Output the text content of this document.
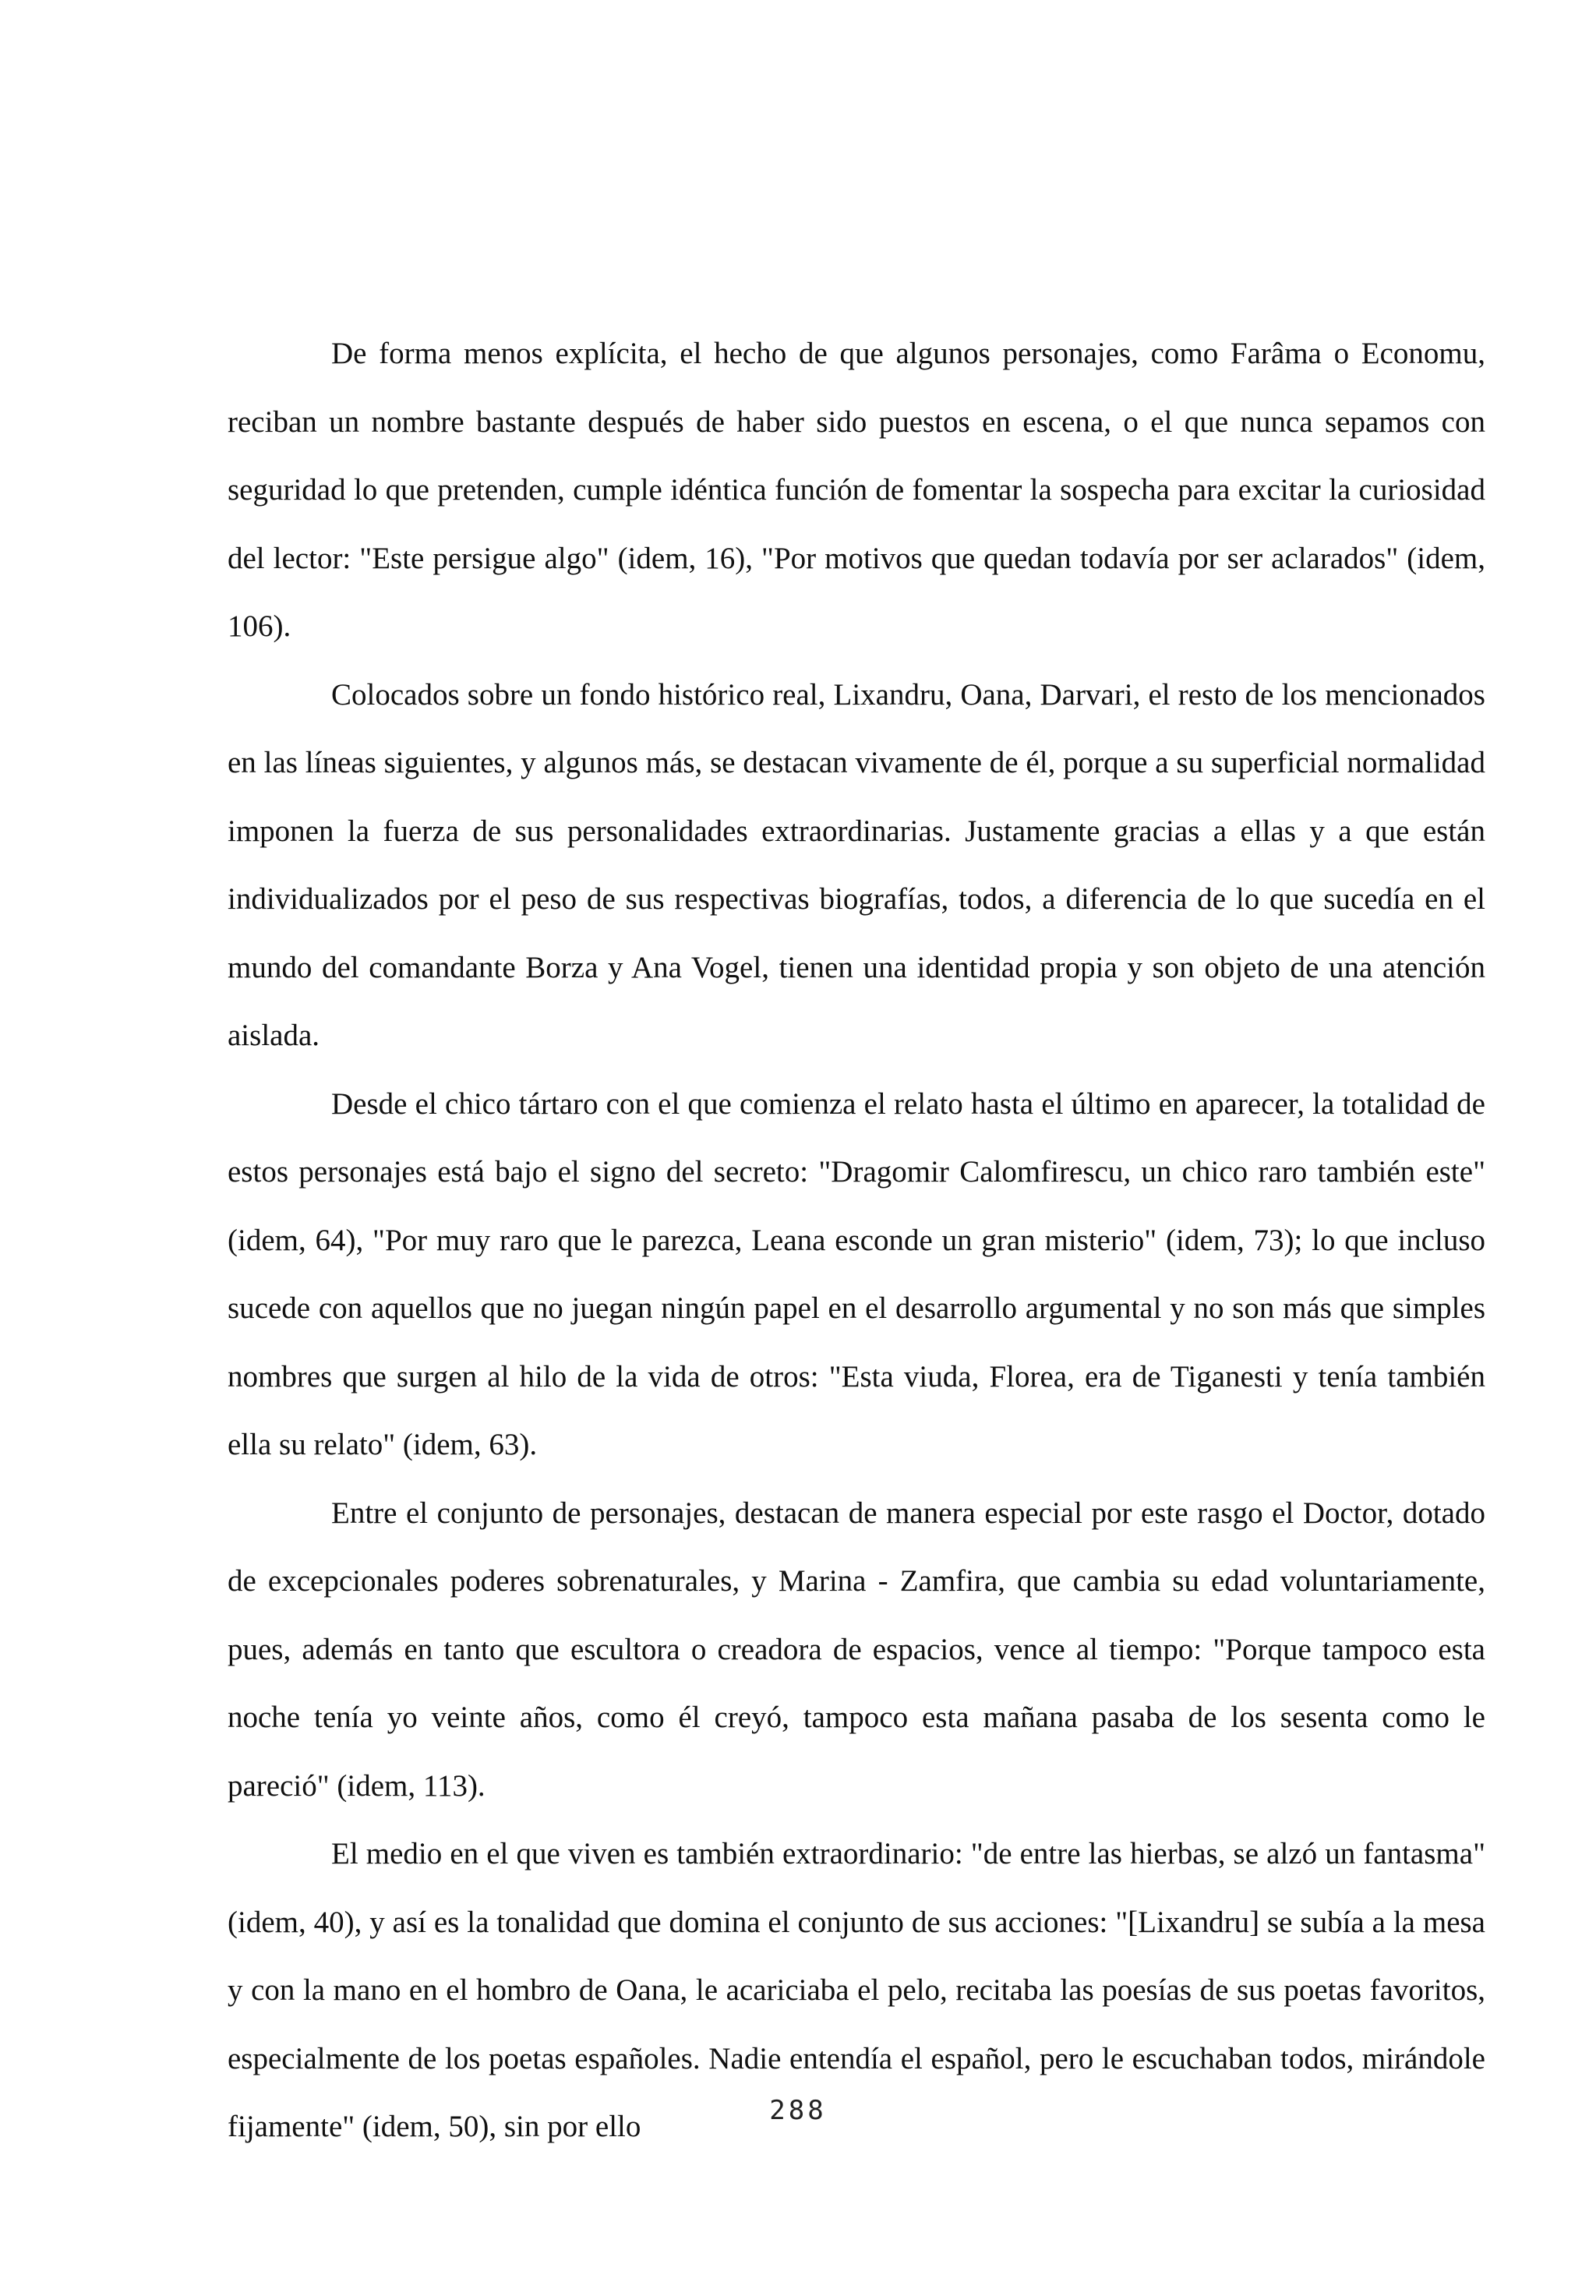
De forma menos explícita, el hecho de que algunos personajes, como Farâma o Economu, reciban un nombre bastante después de haber sido puestos en escena, o el que nunca sepamos con seguridad lo que pretenden, cumple idéntica función de fomentar la sospecha para excitar la curiosidad del lector: "Este persigue algo" (idem, 16), "Por motivos que quedan todavía por ser aclarados" (idem, 106).

Colocados sobre un fondo histórico real, Lixandru, Oana, Darvari, el resto de los mencionados en las líneas siguientes, y algunos más, se destacan vivamente de él, porque a su superficial normalidad imponen la fuerza de sus personalidades extraordinarias. Justamente gracias a ellas y a que están individualizados por el peso de sus respectivas biografías, todos, a diferencia de lo que sucedía en el mundo del comandante Borza y Ana Vogel, tienen una identidad propia y son objeto de una atención aislada.

Desde el chico tártaro con el que comienza el relato hasta el último en aparecer, la totalidad de estos personajes está bajo el signo del secreto: "Dragomir Calomfirescu, un chico raro también este" (idem, 64), "Por muy raro que le parezca, Leana esconde un gran misterio" (idem, 73); lo que incluso sucede con aquellos que no juegan ningún papel en el desarrollo argumental y no son más que simples nombres que surgen al hilo de la vida de otros: "Esta viuda, Florea, era de Tiganesti y tenía también ella su relato" (idem, 63).

Entre el conjunto de personajes, destacan de manera especial por este rasgo el Doctor, dotado de excepcionales poderes sobrenaturales, y Marina - Zamfira, que cambia su edad voluntariamente, pues, además en tanto que escultora o creadora de espacios, vence al tiempo: "Porque tampoco esta noche tenía yo veinte años, como él creyó, tampoco esta mañana pasaba de los sesenta como le pareció" (idem, 113).

El medio en el que viven es también extraordinario: "de entre las hierbas, se alzó un fantasma" (idem, 40), y así es la tonalidad que domina el conjunto de sus acciones: "[Lixandru] se subía a la mesa y con la mano en el hombro de Oana, le acariciaba el pelo, recitaba las poesías de sus poetas favoritos, especialmente de los poetas españoles. Nadie entendía el español, pero le escuchaban todos, mirándole fijamente" (idem, 50), sin por ello	288
